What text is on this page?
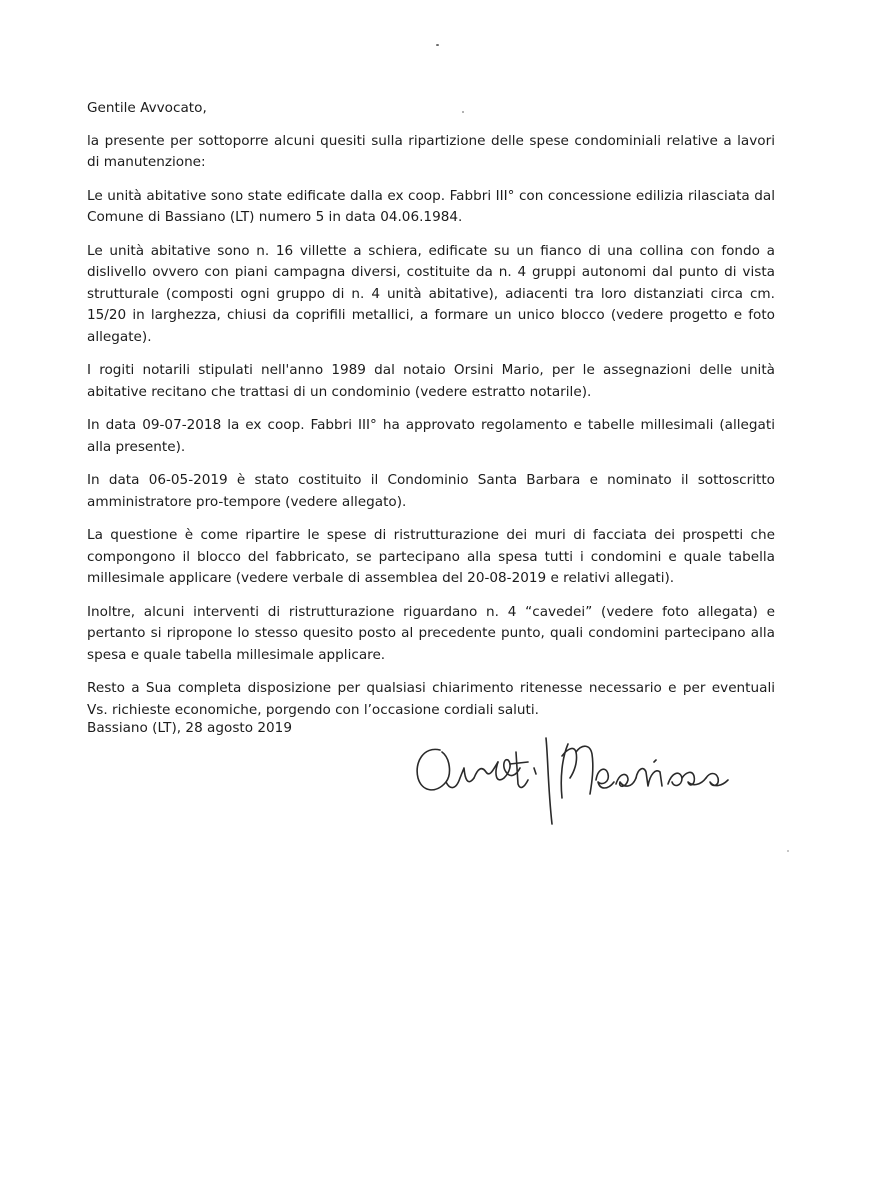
Gentile Avvocato,

la presente per sottoporre alcuni quesiti sulla ripartizione delle spese condominiali relative a lavori di manutenzione:

Le unità abitative sono state edificate dalla ex coop. Fabbri III° con concessione edilizia rilasciata dal Comune di Bassiano (LT) numero 5 in data 04.06.1984.

Le unità abitative sono n. 16 villette a schiera, edificate su un fianco di una collina con fondo a dislivello ovvero con piani campagna diversi, costituite da n. 4 gruppi autonomi dal punto di vista strutturale (composti ogni gruppo di n. 4 unità abitative), adiacenti tra loro distanziati circa cm. 15/20 in larghezza, chiusi da coprifili metallici, a formare un unico blocco (vedere progetto e foto allegate).

I rogiti notarili stipulati nell'anno 1989 dal notaio Orsini Mario, per le assegnazioni delle unità abitative recitano che trattasi di un condominio (vedere estratto notarile).

In data 09-07-2018 la ex coop. Fabbri III° ha approvato regolamento e tabelle millesimali (allegati alla presente).

In data 06-05-2019 è stato costituito il Condominio Santa Barbara e nominato il sottoscritto amministratore pro-tempore (vedere allegato).

La questione è come ripartire le spese di ristrutturazione dei muri di facciata dei prospetti che compongono il blocco del fabbricato, se partecipano alla spesa tutti i condomini e quale tabella millesimale applicare (vedere verbale di assemblea del 20-08-2019 e relativi allegati).

Inoltre, alcuni interventi di ristrutturazione riguardano n. 4 “cavedei” (vedere foto allegata) e pertanto si ripropone lo stesso quesito posto al precedente punto, quali condomini partecipano alla spesa e quale tabella millesimale applicare.

Resto a Sua completa disposizione per qualsiasi chiarimento ritenesse necessario e per eventuali Vs. richieste economiche, porgendo con l’occasione cordiali saluti.

Bassiano (LT), 28 agosto 2019
